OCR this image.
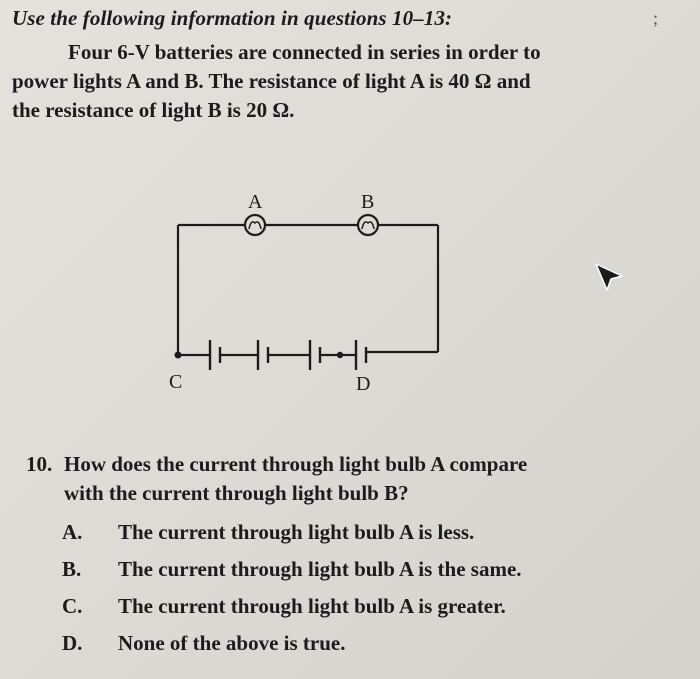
Use the following information in questions 10–13:	;
Four 6-V batteries are connected in series in order to
power lights A and B. The resistance of light A is 40 Ω and
the resistance of light B is 20 Ω.
A	B
C	D
10. How does the current through light bulb A compare
with the current through light bulb B?
A.	The current through light bulb A is less.
B.	The current through light bulb A is the same.
C.	The current through light bulb A is greater.
D.	None of the above is true.
